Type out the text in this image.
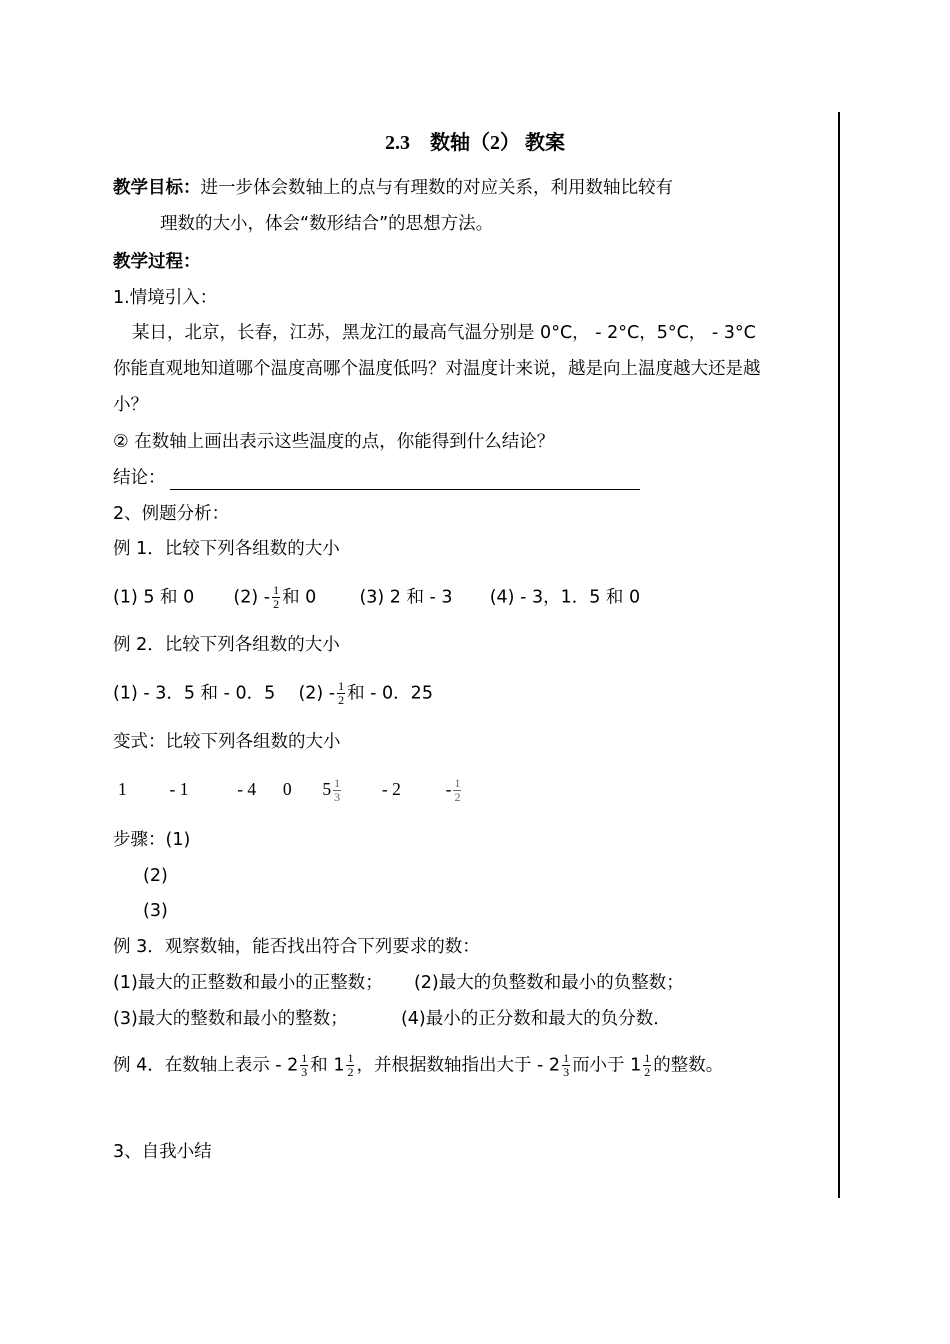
2.3　数轴（2） 教案
教学目标：进一步体会数轴上的点与有理数的对应关系，利用数轴比较有
理数的大小，体会“数形结合”的思想方法。
教学过程：
1.情境引入：
某日，北京，长春，江苏，黑龙江的最高气温分别是 0°C， - 2°C，5°C， - 3°C
你能直观地知道哪个温度高哪个温度低吗？对温度计来说，越是向上温度越大还是越
小？
② 在数轴上画出表示这些温度的点，你能得到什么结论？
结论：
2、例题分析：
例 1．比较下列各组数的大小
(1) 5 和 0 $(2) - \frac{1}{2}$ 和 0 (3) 2 和 - 3 (4) - 3，1．5 和 0
例 2．比较下列各组数的大小
(1) - 3．5 和 - 0．5 $(2) - \frac{1}{2}$ 和 - 0．25
变式：比较下列各组数的大小
1 - 1	- 4 0 $5 \frac{1}{3} - 2$	- $\frac{1}{2}$
步骤：(1)
(2)
(3)
例 3．观察数轴，能否找出符合下列要求的数：
(1)最大的正整数和最小的正整数； (2)最大的负整数和最小的负整数；
(3)最大的整数和最小的整数；	(4)最小的正分数和最大的负分数．
例 4．在数轴上表示 - $2 \frac{1}{3}$ 和 $1 \frac{1}{2}$ ，并根据数轴指出大于 - $2 \frac{1}{3}$ 而小于 $1 \frac{1}{2}$ 的整数。
3、自我小结
